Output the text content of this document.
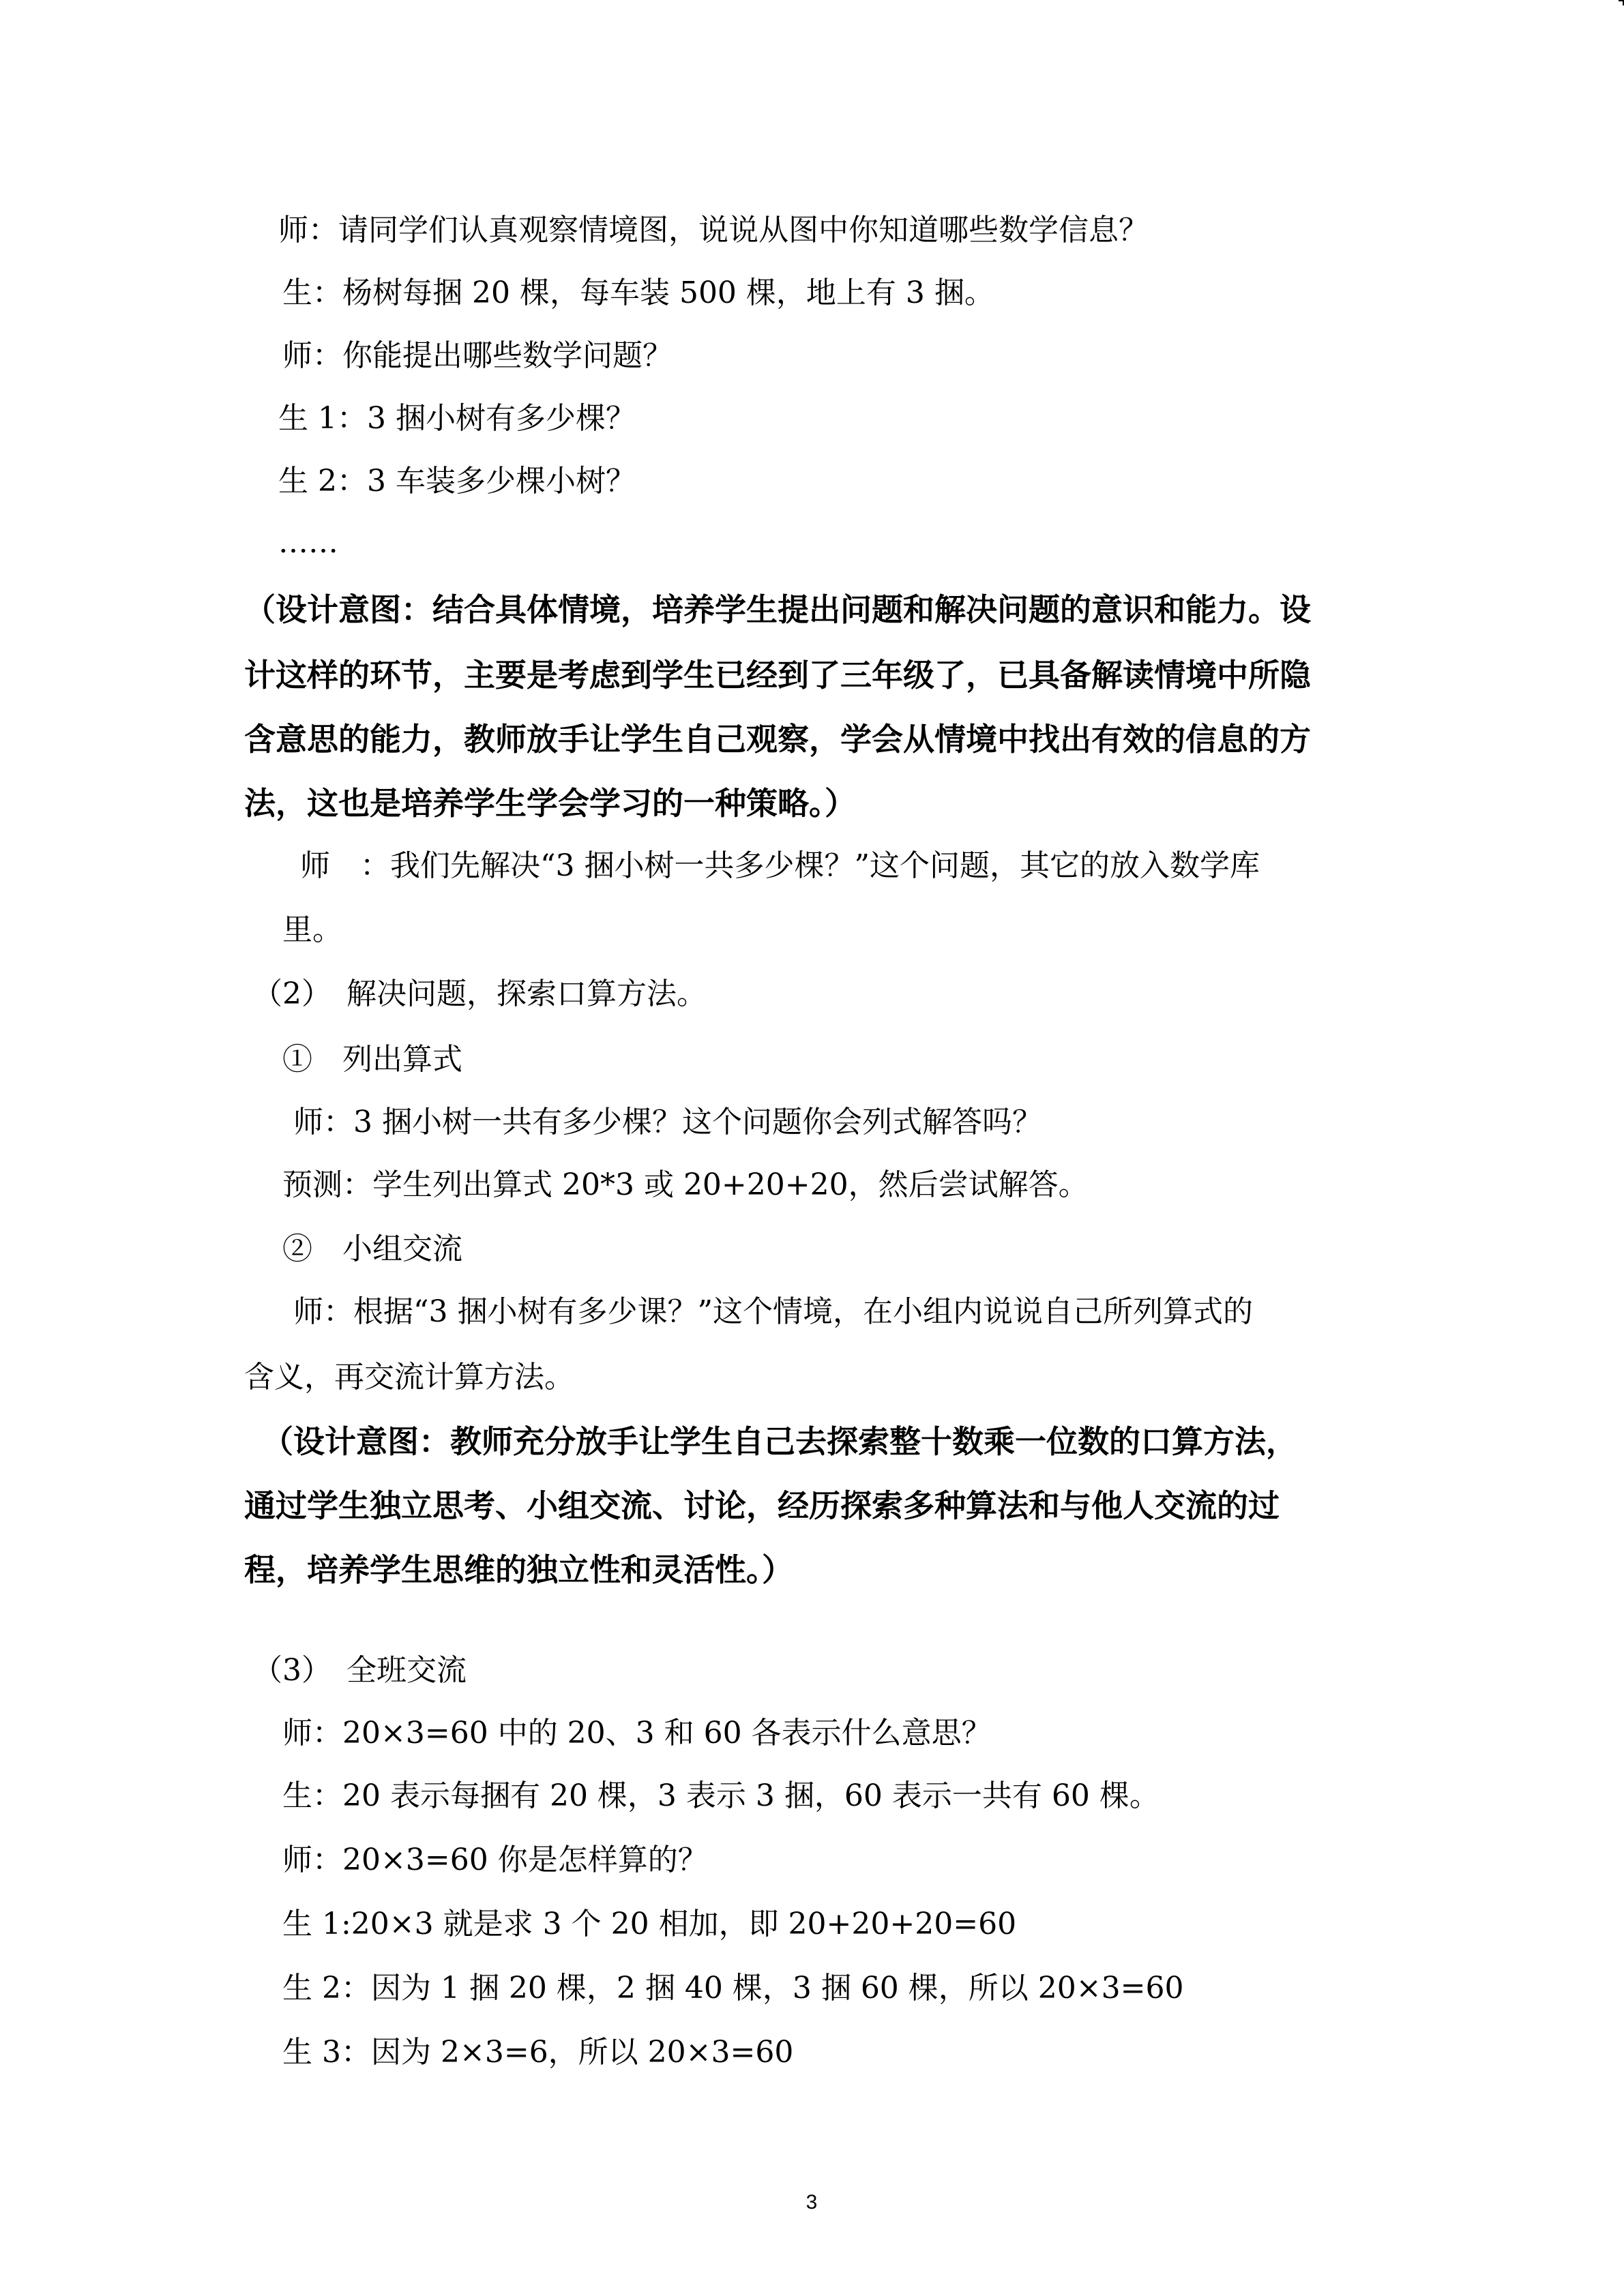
师：请同学们认真观察情境图，说说从图中你知道哪些数学信息？
生：杨树每捆 20 棵，每车装 500 棵，地上有 3 捆。
师：你能提出哪些数学问题？
生 1：3 捆小树有多少棵？
生 2：3 车装多少棵小树？
……
（设计意图：结合具体情境，培养学生提出问题和解决问题的意识和能力。设
计这样的环节，主要是考虑到学生已经到了三年级了，已具备解读情境中所隐
含意思的能力，教师放手让学生自己观察，学会从情境中找出有效的信息的方
法，这也是培养学生学会学习的一种策略。）
师　：我们先解决“3 捆小树一共多少棵？”这个问题，其它的放入数学库
里。
（2）　解决问题，探索口算方法。
①　列出算式
师：3 捆小树一共有多少棵？这个问题你会列式解答吗？
预测：学生列出算式 20*3 或 20+20+20，然后尝试解答。
②　小组交流
师：根据“3 捆小树有多少课？”这个情境，在小组内说说自己所列算式的
含义，再交流计算方法。
（设计意图：教师充分放手让学生自己去探索整十数乘一位数的口算方法，
通过学生独立思考、小组交流、讨论，经历探索多种算法和与他人交流的过
程，培养学生思维的独立性和灵活性。）
（3）　全班交流
师：20×3=60 中的 20、3 和 60 各表示什么意思？
生：20 表示每捆有 20 棵，3 表示 3 捆，60 表示一共有 60 棵。
师：20×3=60 你是怎样算的？
生 1:20×3 就是求 3 个 20 相加，即 20+20+20=60
生 2：因为 1 捆 20 棵，2 捆 40 棵，3 捆 60 棵，所以 20×3=60
生 3：因为 2×3=6，所以 20×3=60
3
